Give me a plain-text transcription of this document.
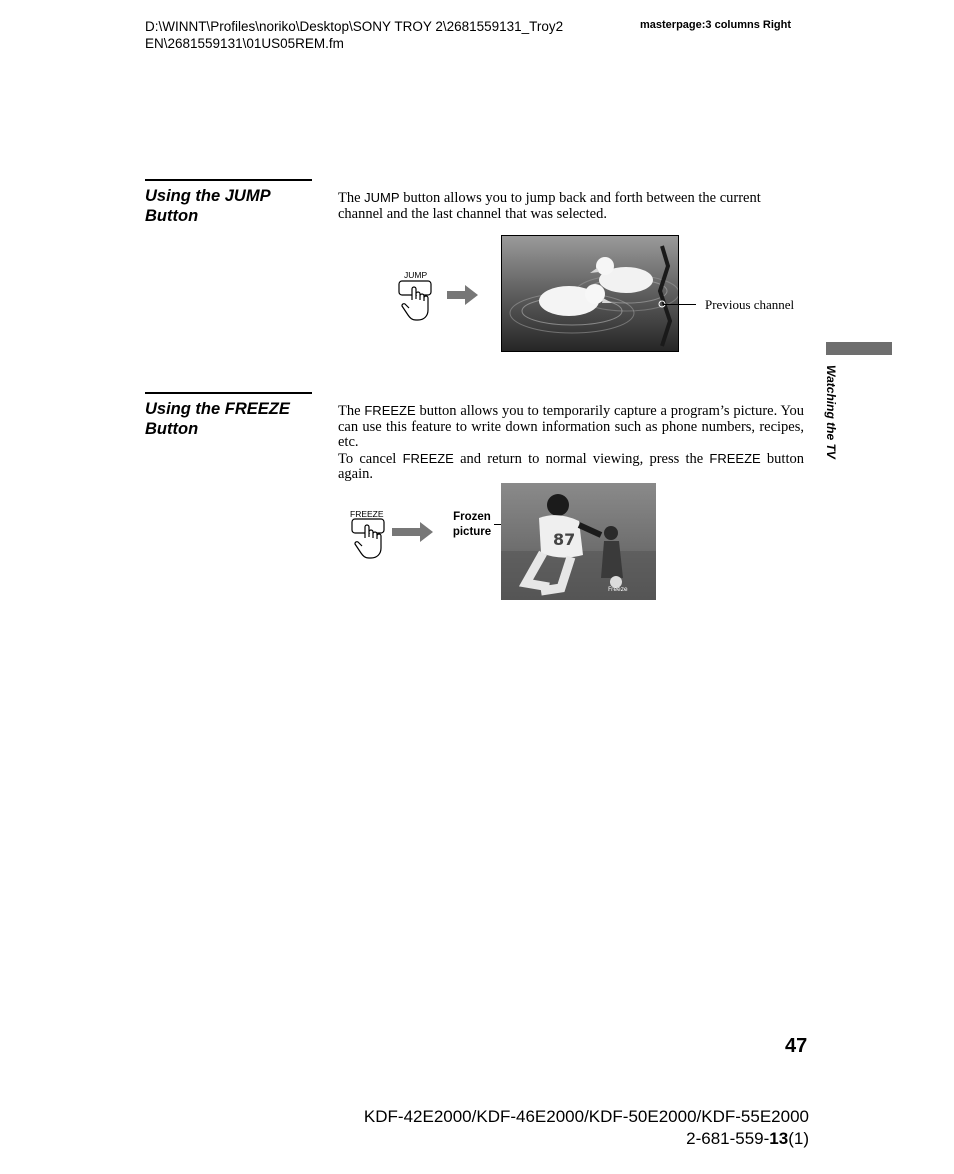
D:\WINNT\Profiles\noriko\Desktop\SONY TROY 2\2681559131_Troy2
EN\2681559131\01US05REM.fm
masterpage:3 columns Right
Using the JUMP
Button
The JUMP button allows you to jump back and forth between the current channel and the last channel that was selected.
JUMP
Previous channel
Using the FREEZE
Button
The FREEZE button allows you to temporarily capture a program’s picture. You can use this feature to write down information such as phone numbers, recipes, etc.
To cancel FREEZE and return to normal viewing, press the FREEZE button again.
FREEZE	Frozen
picture	87
Freeze
Watching the TV
47
KDF-42E2000/KDF-46E2000/KDF-50E2000/KDF-55E2000
2-681-559-13(1)
